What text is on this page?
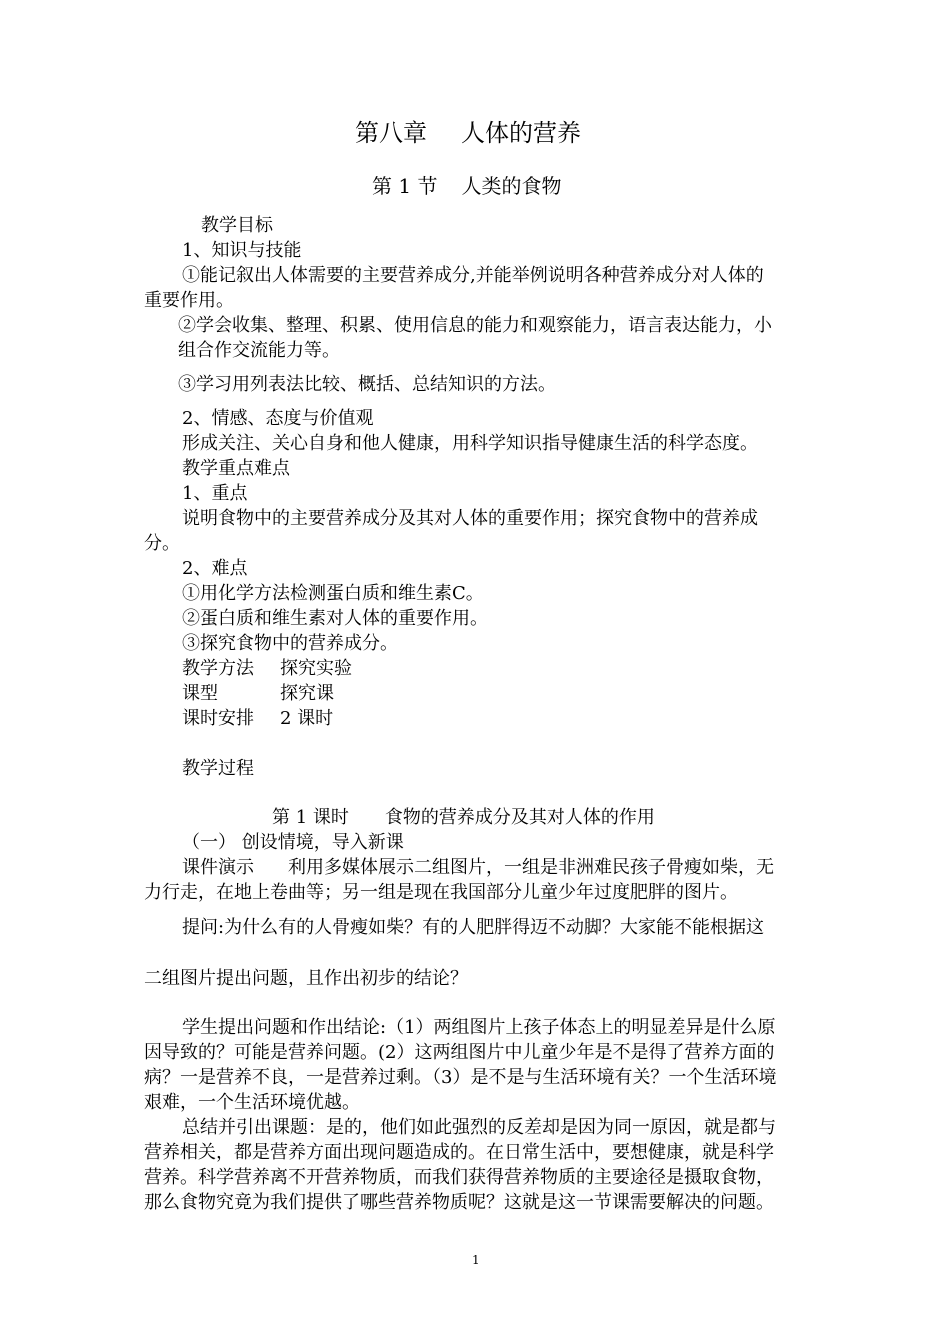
第八章 人体的营养
第 1 节 人类的食物
教学目标
1、知识与技能
①能记叙出人体需要的主要营养成分,并能举例说明各种营养成分对人体的
重要作用。
②学会收集、整理、积累、使用信息的能力和观察能力，语言表达能力，小
组合作交流能力等。
③学习用列表法比较、概括、总结知识的方法。
2、情感、态度与价值观
形成关注、关心自身和他人健康，用科学知识指导健康生活的科学态度。
教学重点难点
1、重点
说明食物中的主要营养成分及其对人体的重要作用；探究食物中的营养成
分。
2、难点
①用化学方法检测蛋白质和维生素C。
②蛋白质和维生素对人体的重要作用。
③探究食物中的营养成分。
教学方法 探究实验
课型	探究课
课时安排 2 课时
教学过程
第 1 课时 食物的营养成分及其对人体的作用
（一） 创设情境，导入新课
课件演示 利用多媒体展示二组图片，一组是非洲难民孩子骨瘦如柴，无
力行走，在地上卷曲等；另一组是现在我国部分儿童少年过度肥胖的图片。
提问:为什么有的人骨瘦如柴？有的人肥胖得迈不动脚？大家能不能根据这
二组图片提出问题，且作出初步的结论？
学生提出问题和作出结论:（1）两组图片上孩子体态上的明显差异是什么原
因导致的？可能是营养问题。(2）这两组图片中儿童少年是不是得了营养方面的
病？一是营养不良，一是营养过剩。（3）是不是与生活环境有关？一个生活环境
艰难，一个生活环境优越。
总结并引出课题：是的，他们如此强烈的反差却是因为同一原因，就是都与
营养相关，都是营养方面出现问题造成的。在日常生活中，要想健康，就是科学
营养。科学营养离不开营养物质，而我们获得营养物质的主要途径是摄取食物，
那么食物究竟为我们提供了哪些营养物质呢？这就是这一节课需要解决的问题。
1
